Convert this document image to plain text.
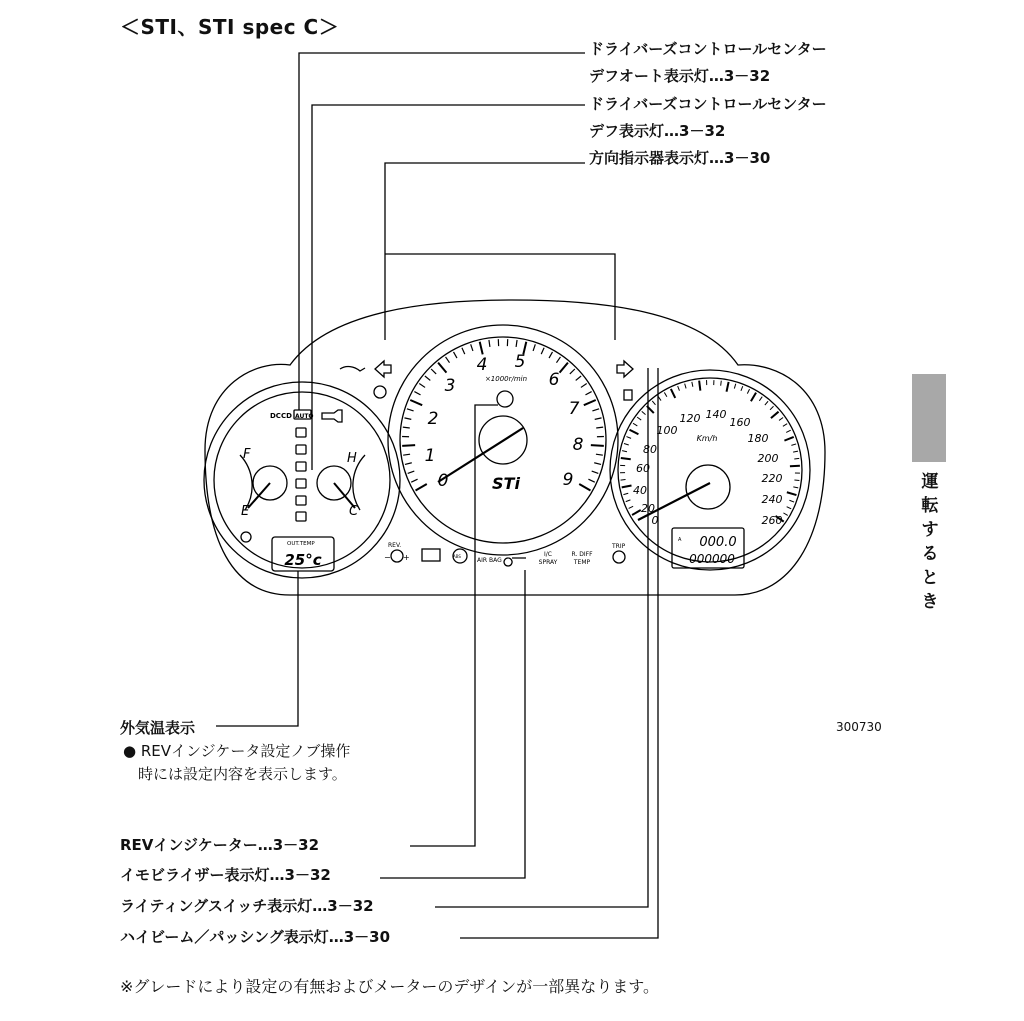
＜STI、STI spec C＞
ドライバーズコントロールセンター
デフオート表示灯…3－32
ドライバーズコントロールセンター
デフ表示灯…3－32
方向指示器表示灯…3－30
外気温表示
● REVインジケータ設定ノブ操作
時には設定内容を表示します。
REVインジケーター…3－32
イモビライザー表示灯…3－32
ライティングスイッチ表示灯…3－32
ハイビーム／パッシング表示灯…3－30
300730
※グレードにより設定の有無およびメーターのデザインが一部異なります。
運転するとき
1
2
3
4 5
6
7
8
9
0
×1000r/min
STi
20
40
60
80
100
120 140
160
180
200
220
240
260
0
Km/h
DCCD AUTO
F
E
H
C
OUT.TEMP
25°c
REV.
− +	ABS
AIR BAG
I/C
SPRAY
R. DIFF
TEMP
TRIP
A 000.0
000000
